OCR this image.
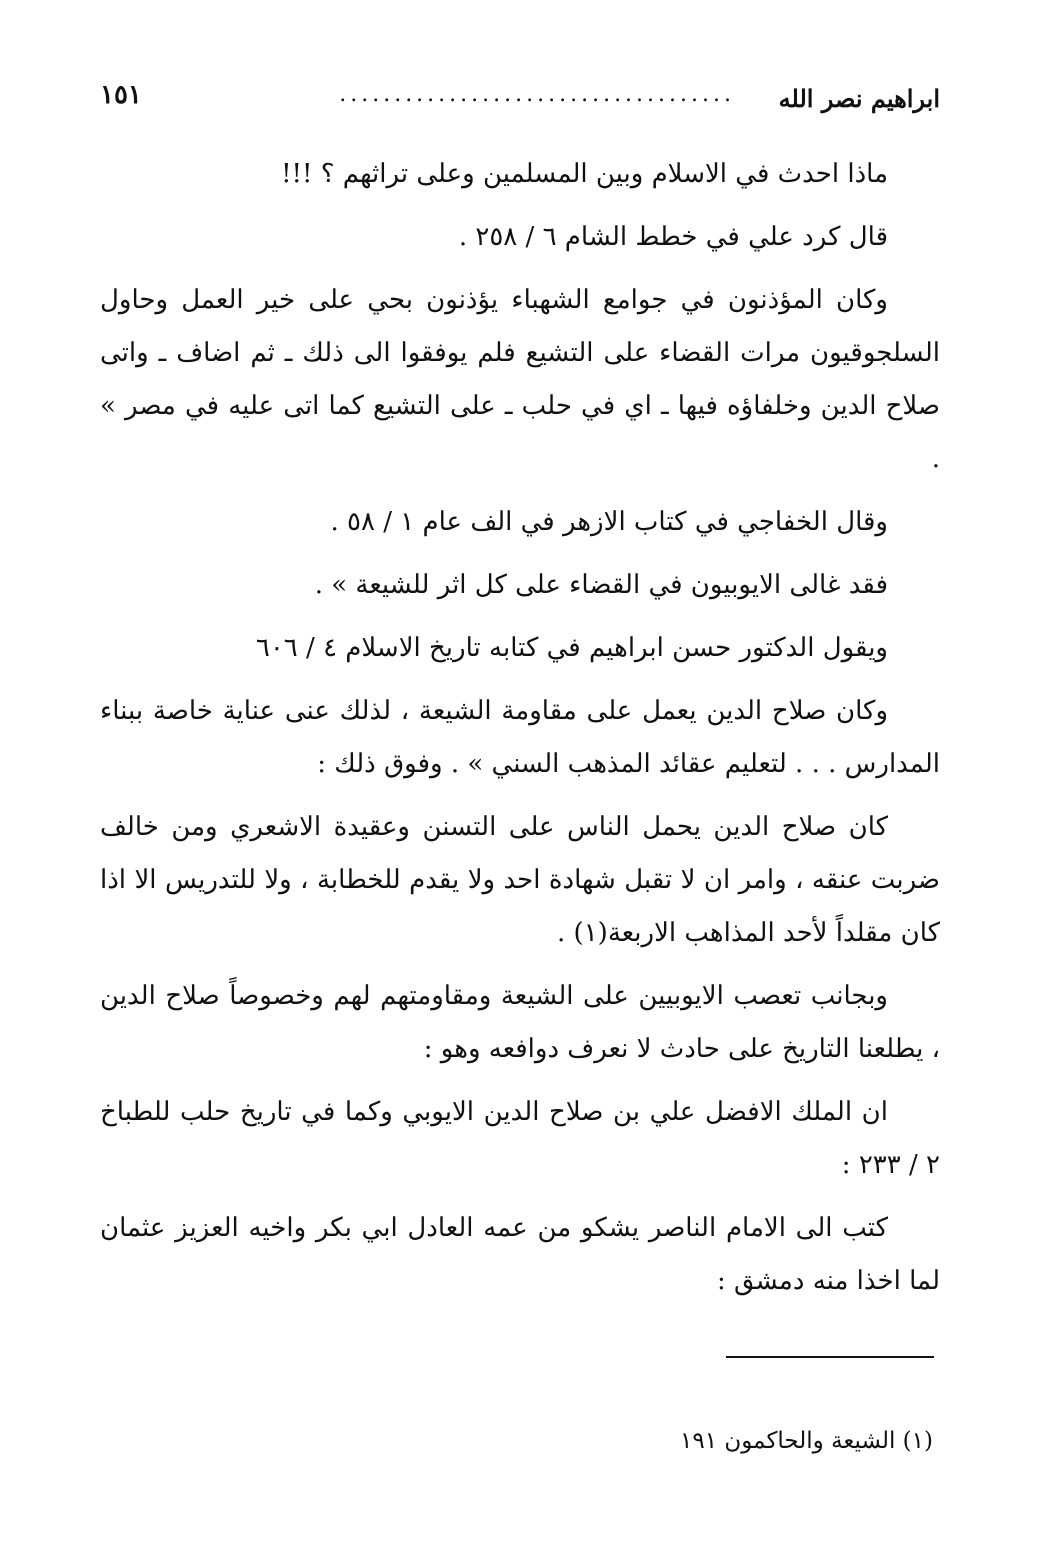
ابراهيم نصر الله
....................................
١٥١

ماذا احدث في الاسلام وبين المسلمين وعلى تراثهم ؟ !!!

قال كرد علي في خطط الشام ٦ / ٢٥٨ .

وكان المؤذنون في جوامع الشهباء يؤذنون بحي على خير العمل وحاول السلجوقيون مرات القضاء على التشيع فلم يوفقوا الى ذلك ـ ثم اضاف ـ واتى صلاح الدين وخلفاؤه فيها ـ اي في حلب ـ على التشيع كما اتى عليه في مصر » .

وقال الخفاجي في كتاب الازهر في الف عام ١ / ٥٨ .

فقد غالى الايوبيون في القضاء على كل اثر للشيعة » .

ويقول الدكتور حسن ابراهيم في كتابه تاريخ الاسلام ٤ / ٦٠٦

وكان صلاح الدين يعمل على مقاومة الشيعة ، لذلك عنى عناية خاصة ببناء المدارس . . . لتعليم عقائد المذهب السني » . وفوق ذلك :

كان صلاح الدين يحمل الناس على التسنن وعقيدة الاشعري ومن خالف ضربت عنقه ، وامر ان لا تقبل شهادة احد ولا يقدم للخطابة ، ولا للتدريس الا اذا كان مقلداً لأحد المذاهب الاربعة(١) .

وبجانب تعصب الايوبيين على الشيعة ومقاومتهم لهم وخصوصاً صلاح الدين ، يطلعنا التاريخ على حادث لا نعرف دوافعه وهو :

ان الملك الافضل علي بن صلاح الدين الايوبي وكما في تاريخ حلب للطباخ ٢ / ٢٣٣ :

كتب الى الامام الناصر يشكو من عمه العادل ابي بكر واخيه العزيز عثمان لما اخذا منه دمشق :

(١) الشيعة والحاكمون ١٩١
